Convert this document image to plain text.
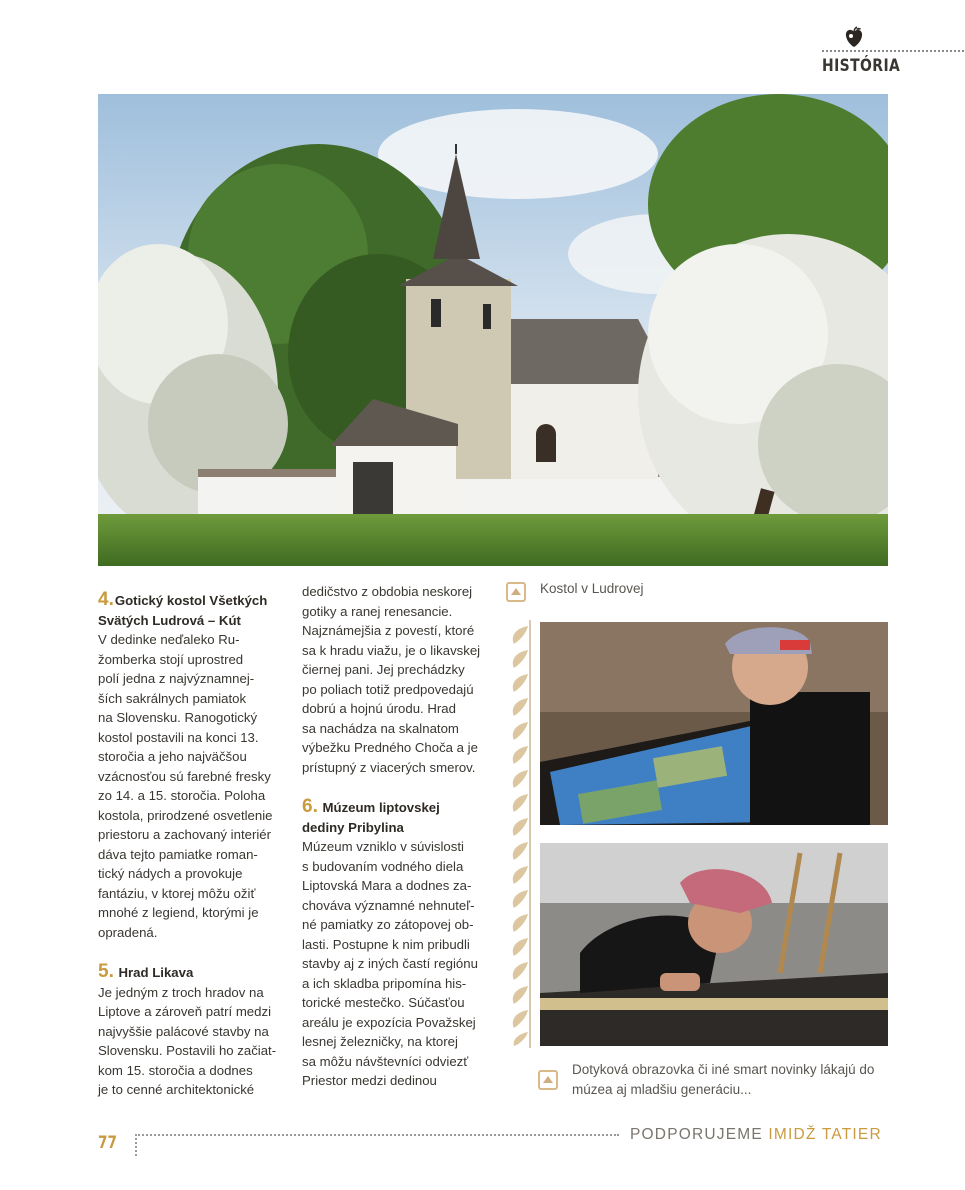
HISTÓRIA
4.Gotický kostol Všetkých
Svätých Ludrová – Kút

V dedinke neďaleko Ru-
žomberka stojí uprostred
polí jedna z najvýznamnej-
ších sakrálnych pamiatok
na Slovensku. Ranogotický
kostol postavili na konci 13.
storočia a jeho najväčšou
vzácnosťou sú farebné fresky
zo 14. a 15. storočia. Poloha
kostola, prirodzené osvetlenie
priestoru a zachovaný interiér
dáva tejto pamiatke roman-
tický nádych a provokuje
fantáziu, v ktorej môžu ožiť
mnohé z legiend, ktorými je
opradená.

5. Hrad Likava

Je jedným z troch hradov na
Liptove a zároveň patrí medzi
najvyššie palácové stavby na
Slovensku. Postavili ho začiat-
kom 15. storočia a dodnes
je to cenné architektonické

dedičstvo z obdobia neskorej
gotiky a ranej renesancie.
Najznámejšia z povestí, ktoré
sa k hradu viažu, je o likavskej
čiernej pani. Jej prechádzky
po poliach totiž predpovedajú
dobrú a hojnú úrodu. Hrad
sa nachádza na skalnatom
výbežku Predného Choča a je
prístupný z viacerých smerov.

6. Múzeum liptovskej
dediny Pribylina

Múzeum vzniklo v súvislosti
s budovaním vodného diela
Liptovská Mara a dodnes za-
chováva významné nehnuteľ-
né pamiatky zo zátopovej ob-
lasti. Postupne k nim pribudli
stavby aj z iných častí regiónu
a ich skladba pripomína his-
torické mestečko. Súčasťou
areálu je expozícia Považskej
lesnej železničky, na ktorej
sa môžu návštevníci odviezť
Priestor medzi dedinou

Kostol v Ludrovej
Dotyková obrazovka či iné smart novinky lákajú do
múzea aj mladšiu generáciu...
77	PODPORUJEME IMIDŽ TATIER
